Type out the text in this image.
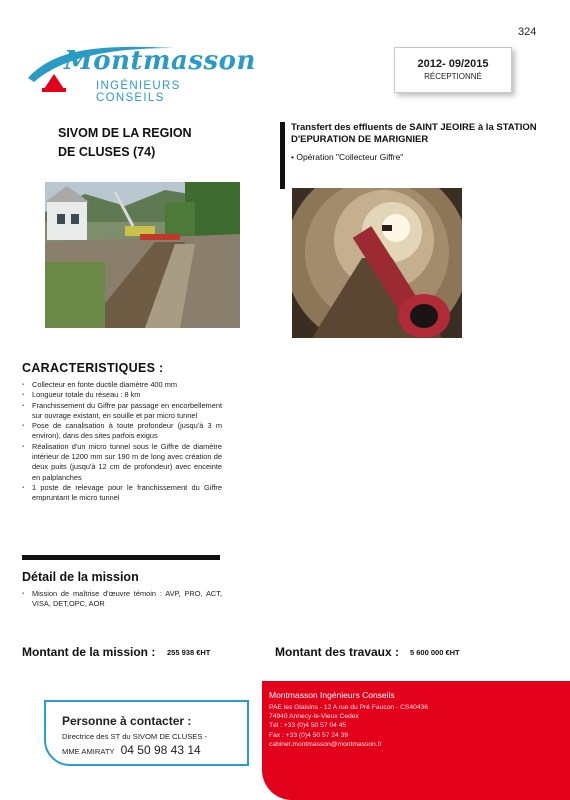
324
Montmasson
INGÉNIEURS CONSEILS
2012- 09/2015
RÉCEPTIONNÉ
SIVOM DE LA REGION
DE CLUSES (74)
Transfert des effluents de SAINT JEOIRE à la STATION D'EPURATION DE MARIGNIER
• Opération "Collecteur Giffre"
CARACTERISTIQUES :
▪ Collecteur en fonte ductile diamètre 400 mm
▪ Longueur totale du réseau : 8 km
▪ Franchissement du Giffre par passage en encorbellement sur ouvrage existant, en souille et par micro tunnel
▪ Pose de canalisation à toute profondeur (jusqu'à 3 m environ), dans des sites parfois exigus
▪ Réalisation d'un micro tunnel sous le Giffre de diamètre intérieur de 1200 mm sur 190 m de long avec création de deux puits (jusqu'à 12 cm de profondeur) avec enceinte en palplanches
▪ 1 poste de relevage pour le franchissement du Giffre empruntant le micro tunnel
Détail de la mission
▪ Mission de maîtrise d'œuvre témoin : AVP, PRO, ACT, VISA, DET,OPC, AOR
Montant de la mission : 255 938 €HT	Montant des travaux : 5 600 000 €HT
Personne à contacter :
Directrice des ST du SIVOM DE CLUSES -
MME AMIRATY 04 50 98 43 14
Montmasson Ingénieurs Conseils
PAE les Glaisins - 12 A rue du Pré Faucon - CS40436
74940 Annecy-le-Vieux Cedex
Tél : +33 (0)4 50 57 04 45
Fax : +33 (0)4 50 57 24 39
cabinet.montmasson@montmasson.fr
